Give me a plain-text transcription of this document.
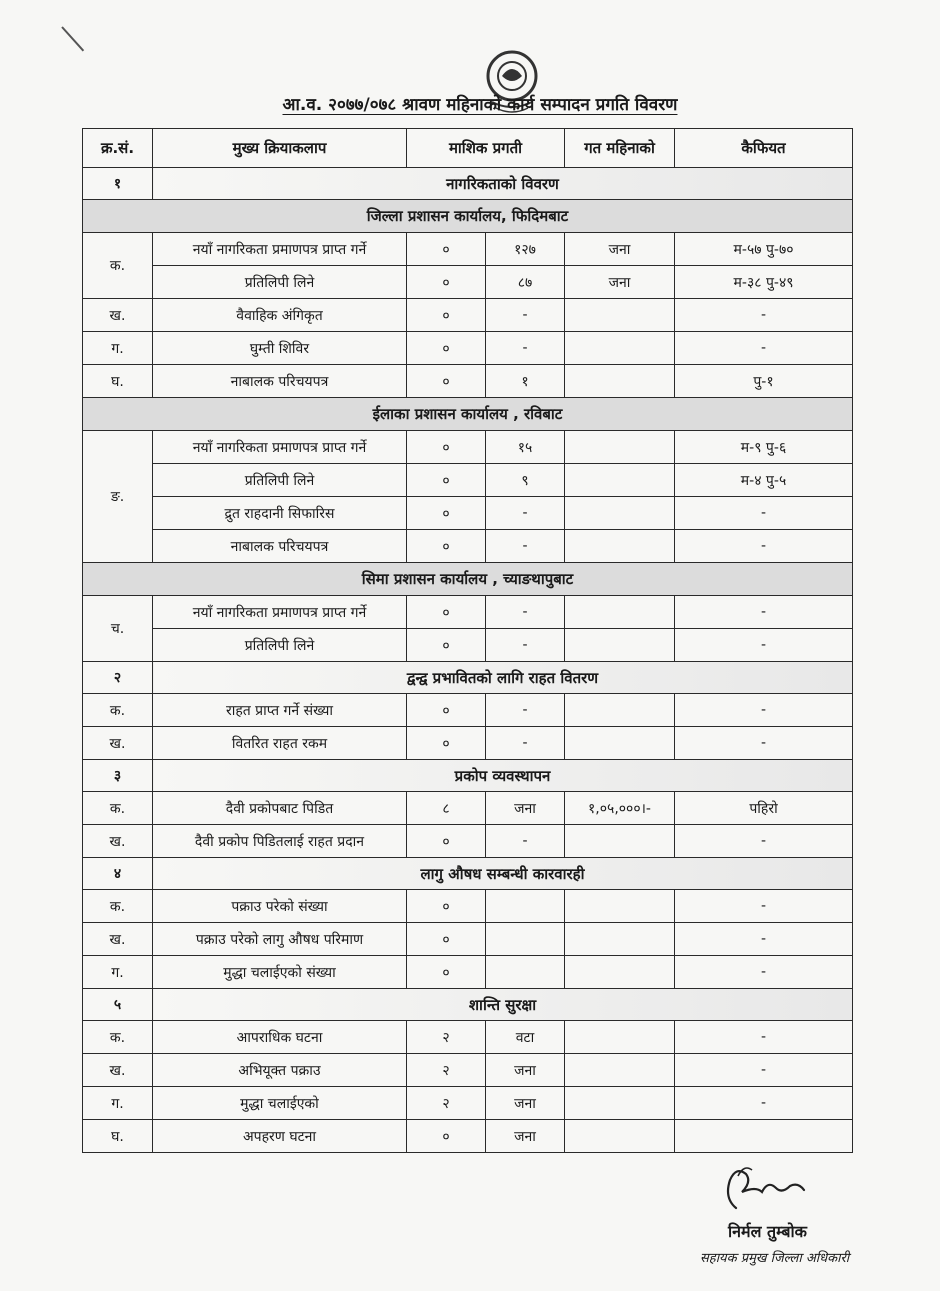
आ.व. २०७७/०७८ श्रावण महिनाको कार्य सम्पादन प्रगति विवरण
क्र.सं.	मुख्य क्रियाकलाप	माशिक प्रगती		गत महिनाको	कैफियत
१	नागरिकताको विवरण				
जिल्ला प्रशासन कार्यालय, फिदिमबाट					
क.	नयाँ नागरिकता प्रमाणपत्र प्राप्त गर्ने	०	१२७	जना	म-५७ पु-७०
	प्रतिलिपी लिने	०	८७	जना	म-३८ पु-४९
ख.	वैवाहिक अंगिकृत	०	-		-
ग.	घुम्ती शिविर	०	-		-
घ.	नाबालक परिचयपत्र	०	१		पु-१
ईलाका प्रशासन कार्यालय , रविबाट					
ङ.	नयाँ नागरिकता प्रमाणपत्र प्राप्त गर्ने	०	१५		म-९ पु-६
	प्रतिलिपी लिने	०	९		म-४ पु-५
	द्रुत राहदानी सिफारिस	०	-		-
	नाबालक परिचयपत्र	०	-		-
सिमा प्रशासन कार्यालय , च्याङथापुबाट					
च.	नयाँ नागरिकता प्रमाणपत्र प्राप्त गर्ने	०	-		-
	प्रतिलिपी लिने	०	-		-
२	द्वन्द्व प्रभावितको लागि राहत वितरण				
क.	राहत प्राप्त गर्ने संख्या	०	-		-
ख.	वितरित राहत रकम	०	-		-
३	प्रकोप व्यवस्थापन				
क.	दैवी प्रकोपबाट पिडित	८	जना	१,०५,०००।-	पहिरो
ख.	दैवी प्रकोप पिडितलाई राहत प्रदान	०	-		-
४	लागु औषध सम्बन्धी कारवारही				
क.	पक्राउ परेको संख्या	०			-
ख.	पक्राउ परेको लागु औषध परिमाण	०			-
ग.	मुद्धा चलाईएको संख्या	०			-
५	शान्ति सुरक्षा				
क.	आपराधिक घटना	२	वटा		-
ख.	अभियूक्त पक्राउ	२	जना		-
ग.	मुद्धा चलाईएको	२	जना		-
घ.	अपहरण घटना	०	जना		
निर्मल तुम्बोक
सहायक प्रमुख जिल्ला अधिकारी
